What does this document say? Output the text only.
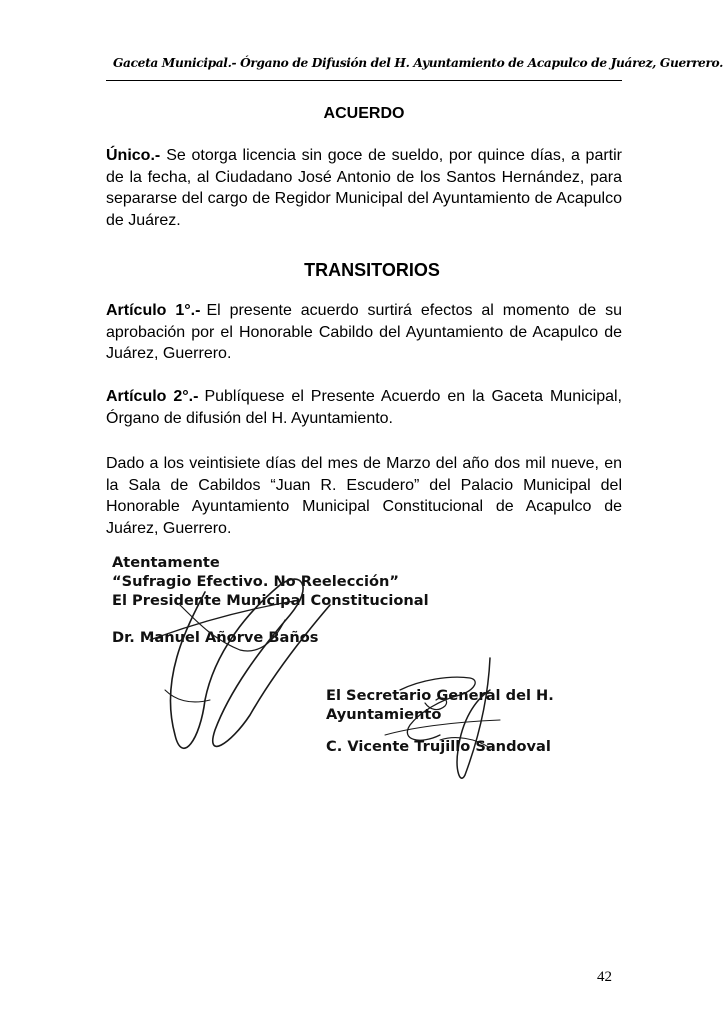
Gaceta Municipal.- Órgano de Difusión del H. Ayuntamiento de Acapulco de Juárez, Guerrero.
ACUERDO

Único.- Se otorga licencia sin goce de sueldo, por quince días, a partir de la fecha, al Ciudadano José Antonio de los Santos Hernández, para separarse del cargo de Regidor Municipal del Ayuntamiento de Acapulco de Juárez.

TRANSITORIOS

Artículo 1°.- El presente acuerdo surtirá efectos al momento de su aprobación por el Honorable Cabildo del Ayuntamiento de Acapulco de Juárez, Guerrero.

Artículo 2°.- Publíquese el Presente Acuerdo en la Gaceta Municipal, Órgano de difusión del H. Ayuntamiento.

Dado a los veintisiete días del mes de Marzo del año dos mil nueve, en la Sala de Cabildos “Juan R. Escudero” del Palacio Municipal del Honorable Ayuntamiento Municipal Constitucional de Acapulco de Juárez, Guerrero.

Atentamente
“Sufragio Efectivo. No Reelección”
El Presidente Municipal Constitucional
Dr. Manuel Añorve Baños
El Secretario General del H.
Ayuntamiento
C. Vicente Trujillo Sandoval
42
